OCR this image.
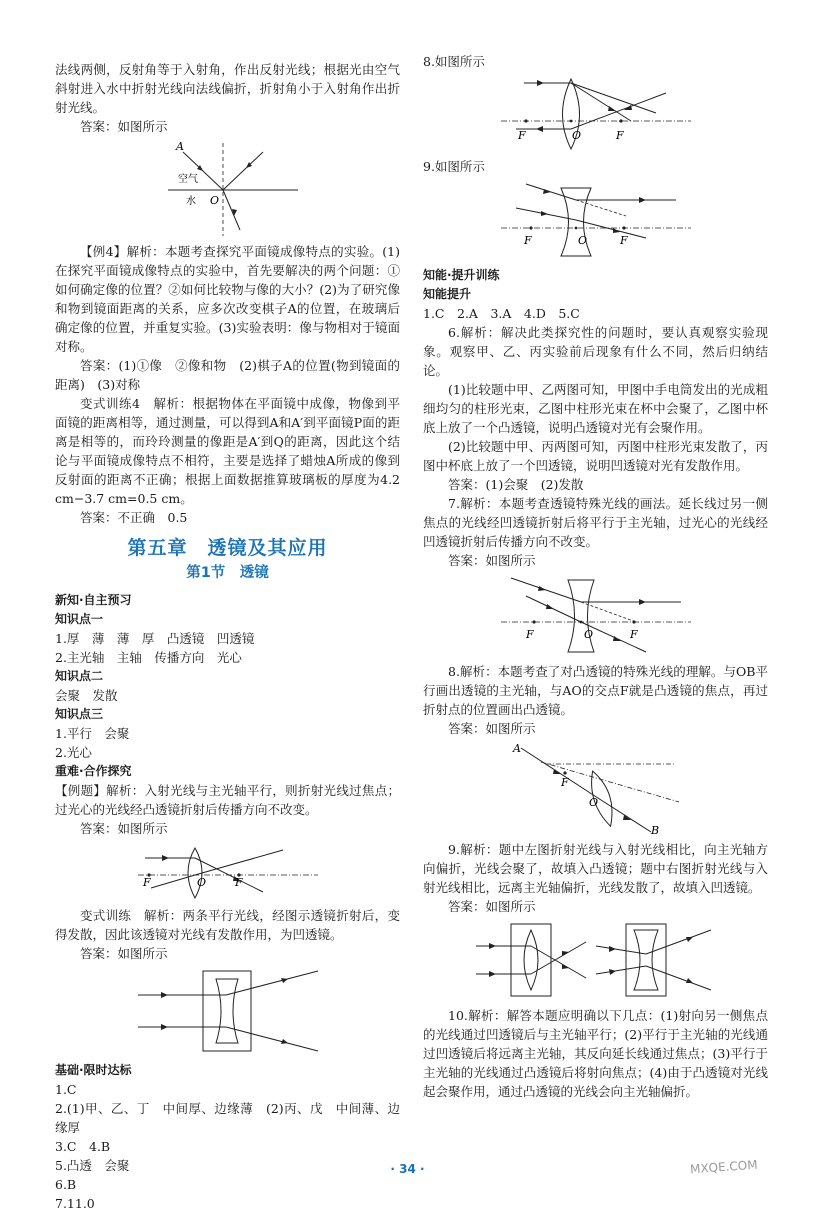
法线两侧，反射角等于入射角，作出反射光线；根据光由空气斜射进入水中折射光线向法线偏折，折射角小于入射角作出折射光线。

答案：如图所示

A
空气
水 O

【例4】解析：本题考查探究平面镜成像特点的实验。(1)在探究平面镜成像特点的实验中，首先要解决的两个问题：①如何确定像的位置？②如何比较物与像的大小？(2)为了研究像和物到镜面距离的关系，应多次改变棋子A的位置，在玻璃后确定像的位置，并重复实验。(3)实验表明：像与物相对于镜面对称。

答案：(1)①像　②像和物　(2)棋子A的位置(物到镜面的距离)　(3)对称

变式训练4　解析：根据物体在平面镜中成像，物像到平面镜的距离相等，通过测量，可以得到A和A′到平面镜P面的距离是相等的，而玲玲测量的像距是A′到Q的距离，因此这个结论与平面镜成像特点不相符，主要是选择了蜡烛A所成的像到反射面的距离不正确；根据上面数据推算玻璃板的厚度为4.2 cm−3.7 cm=0.5 cm。

答案：不正确　0.5

第五章　透镜及其应用
第1节　透镜

新知·自主预习

知识点一

1.厚　薄　薄　厚　凸透镜　凹透镜

2.主光轴　主轴　传播方向　光心

知识点二

会聚　发散

知识点三

1.平行　会聚

2.光心

重难·合作探究

【例题】解析：入射光线与主光轴平行，则折射光线过焦点；过光心的光线经凸透镜折射后传播方向不改变。

答案：如图所示

F	O	F

变式训练　解析：两条平行光线，经图示透镜折射后，变得发散，因此该透镜对光线有发散作用，为凹透镜。

答案：如图所示

基础·限时达标

1.C

2.(1)甲、乙、丁　中间厚、边缘薄　(2)丙、戊　中间薄、边缘厚

3.C　4.B

5.凸透　会聚

6.B

7.11.0

8.如图所示

F	O	F

9.如图所示

F	O	F

知能·提升训练

知能提升

1.C　2.A　3.A　4.D　5.C

6.解析：解决此类探究性的问题时，要认真观察实验现象。观察甲、乙、丙实验前后现象有什么不同，然后归纳结论。

(1)比较题中甲、乙两图可知，甲图中手电筒发出的光成粗细均匀的柱形光束，乙图中柱形光束在杯中会聚了，乙图中杯底上放了一个凸透镜，说明凸透镜对光有会聚作用。

(2)比较题中甲、丙两图可知，丙图中柱形光束发散了，丙图中杯底上放了一个凹透镜，说明凹透镜对光有发散作用。

答案：(1)会聚　(2)发散

7.解析：本题考查透镜特殊光线的画法。延长线过另一侧焦点的光线经凹透镜折射后将平行于主光轴，过光心的光线经凹透镜折射后传播方向不改变。

答案：如图所示

F	O	F

8.解析：本题考查了对凸透镜的特殊光线的理解。与OB平行画出透镜的主光轴，与AO的交点F就是凸透镜的焦点，再过折射点的位置画出凸透镜。

答案：如图所示

A
F
O
B

9.解析：题中左图折射光线与入射光线相比，向主光轴方向偏折，光线会聚了，故填入凸透镜；题中右图折射光线与入射光线相比，远离主光轴偏折，光线发散了，故填入凹透镜。

答案：如图所示

10.解析：解答本题应明确以下几点：(1)射向另一侧焦点的光线通过凹透镜后与主光轴平行；(2)平行于主光轴的光线通过凹透镜后将远离主光轴，其反向延长线通过焦点；(3)平行于主光轴的光线通过凸透镜后将射向焦点；(4)由于凸透镜对光线起会聚作用，通过凸透镜的光线会向主光轴偏折。

· 34 ·	MXQE.COM
